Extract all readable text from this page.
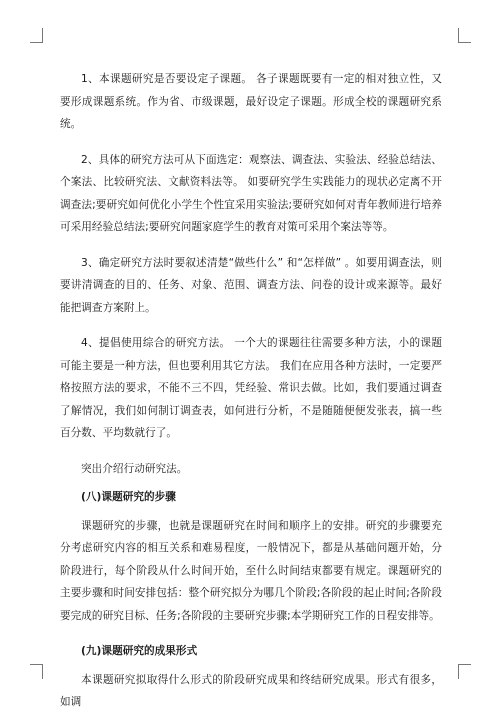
1、本课题研究是否要设定子课题。 各子课题既要有一定的相对独立性，又要形成课题系统。作为省、市级课题，最好设定子课题。形成全校的课题研究系统。

2、具体的研究方法可从下面选定：观察法、调查法、实验法、经验总结法、个案法、比较研究法、文献资料法等。 如要研究学生实践能力的现状必定离不开调查法;要研究如何优化小学生个性宜采用实验法;要研究如何对青年教师进行培养可采用经验总结法;要研究问题家庭学生的教育对策可采用个案法等等。

3、确定研究方法时要叙述清楚“做些什么” 和“怎样做” 。如要用调查法，则要讲清调查的目的、任务、对象、范围、调查方法、问卷的设计或来源等。最好能把调查方案附上。

4、提倡使用综合的研究方法。 一个大的课题往往需要多种方法，小的课题可能主要是一种方法，但也要利用其它方法。 我们在应用各种方法时，一定要严格按照方法的要求，不能不三不四，凭经验、常识去做。比如，我们要通过调查了解情况，我们如何制订调查表，如何进行分析，不是随随便便发张表，搞一些百分数、平均数就行了。

突出介绍行动研究法。

(八)课题研究的步骤

课题研究的步骤，也就是课题研究在时间和顺序上的安排。研究的步骤要充分考虑研究内容的相互关系和难易程度，一般情况下，都是从基础问题开始，分阶段进行，每个阶段从什么时间开始，至什么时间结束都要有规定。课题研究的主要步骤和时间安排包括：整个研究拟分为哪几个阶段;各阶段的起止时间;各阶段要完成的研究目标、任务;各阶段的主要研究步骤;本学期研究工作的日程安排等。

(九)课题研究的成果形式

本课题研究拟取得什么形式的阶段研究成果和终结研究成果。形式有很多，如调
